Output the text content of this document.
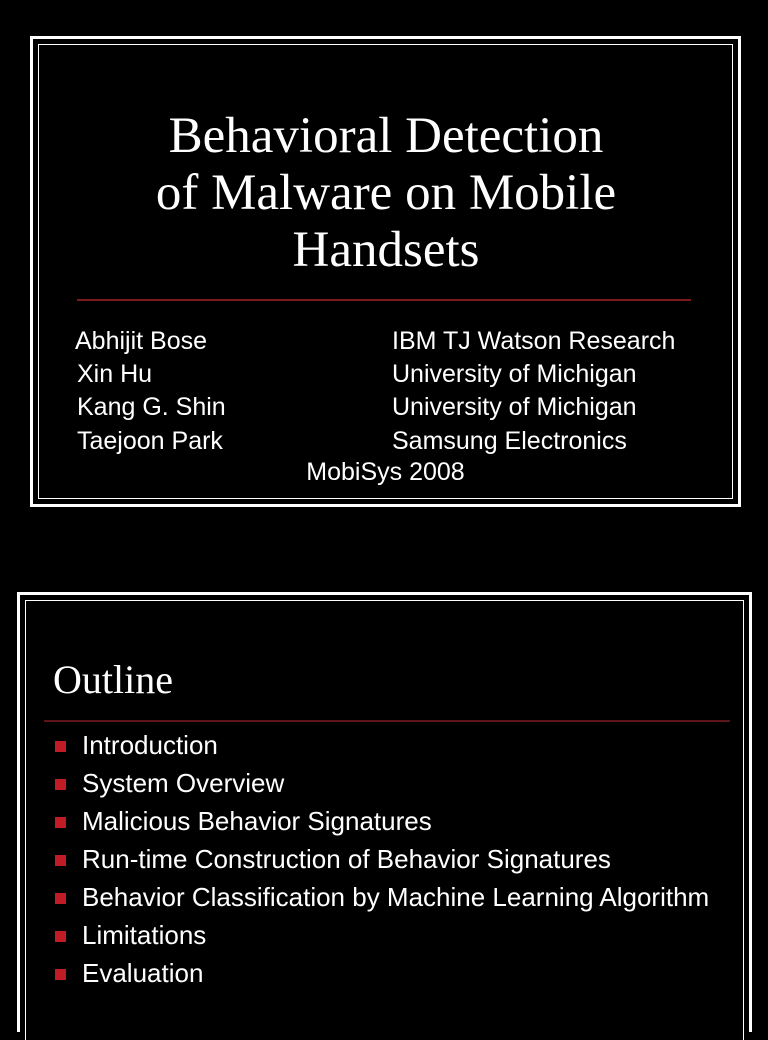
Behavioral Detection
of Malware on Mobile
Handsets
Abhijit Bose	IBM TJ Watson Research
Xin Hu	University of Michigan
Kang G. Shin	University of Michigan
Taejoon Park	Samsung Electronics
MobiSys 2008
Outline
Introduction
System Overview
Malicious Behavior Signatures
Run-time Construction of Behavior Signatures
Behavior Classification by Machine Learning Algorithm
Limitations
Evaluation
